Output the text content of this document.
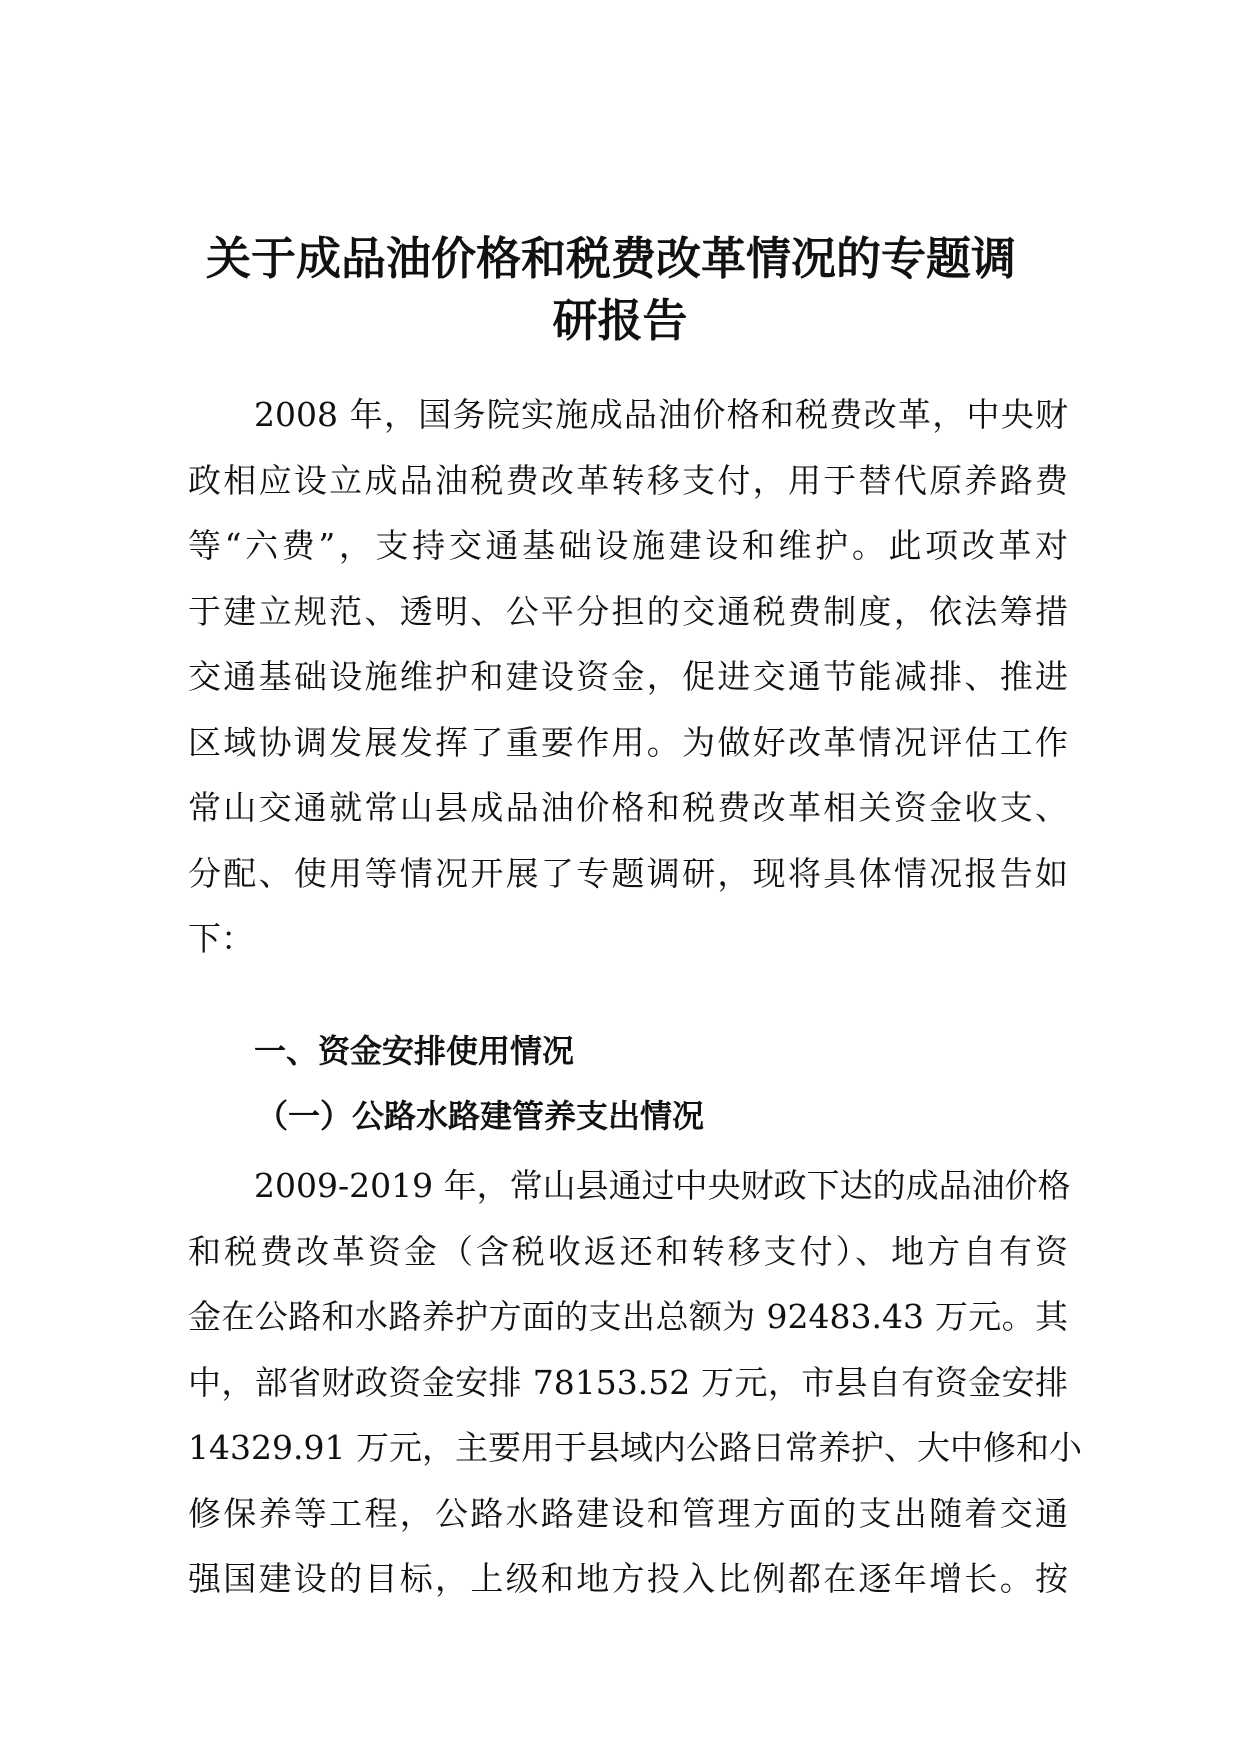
关于成品油价格和税费改革情况的专题调
研报告
2008 年，国务院实施成品油价格和税费改革，中央财
政相应设立成品油税费改革转移支付，用于替代原养路费
等“六费”，支持交通基础设施建设和维护。此项改革对
于建立规范、透明、公平分担的交通税费制度，依法筹措
交通基础设施维护和建设资金，促进交通节能减排、推进
区域协调发展发挥了重要作用。为做好改革情况评估工作
常山交通就常山县成品油价格和税费改革相关资金收支、
分配、使用等情况开展了专题调研，现将具体情况报告如
下：
一、资金安排使用情况
（一）公路水路建管养支出情况
2009-2019 年，常山县通过中央财政下达的成品油价格
和税费改革资金（含税收返还和转移支付）、地方自有资
金在公路和水路养护方面的支出总额为 92483.43 万元。其
中，部省财政资金安排 78153.52 万元，市县自有资金安排
14329.91 万元，主要用于县域内公路日常养护、大中修和小
修保养等工程，公路水路建设和管理方面的支出随着交通
强国建设的目标，上级和地方投入比例都在逐年增长。按
